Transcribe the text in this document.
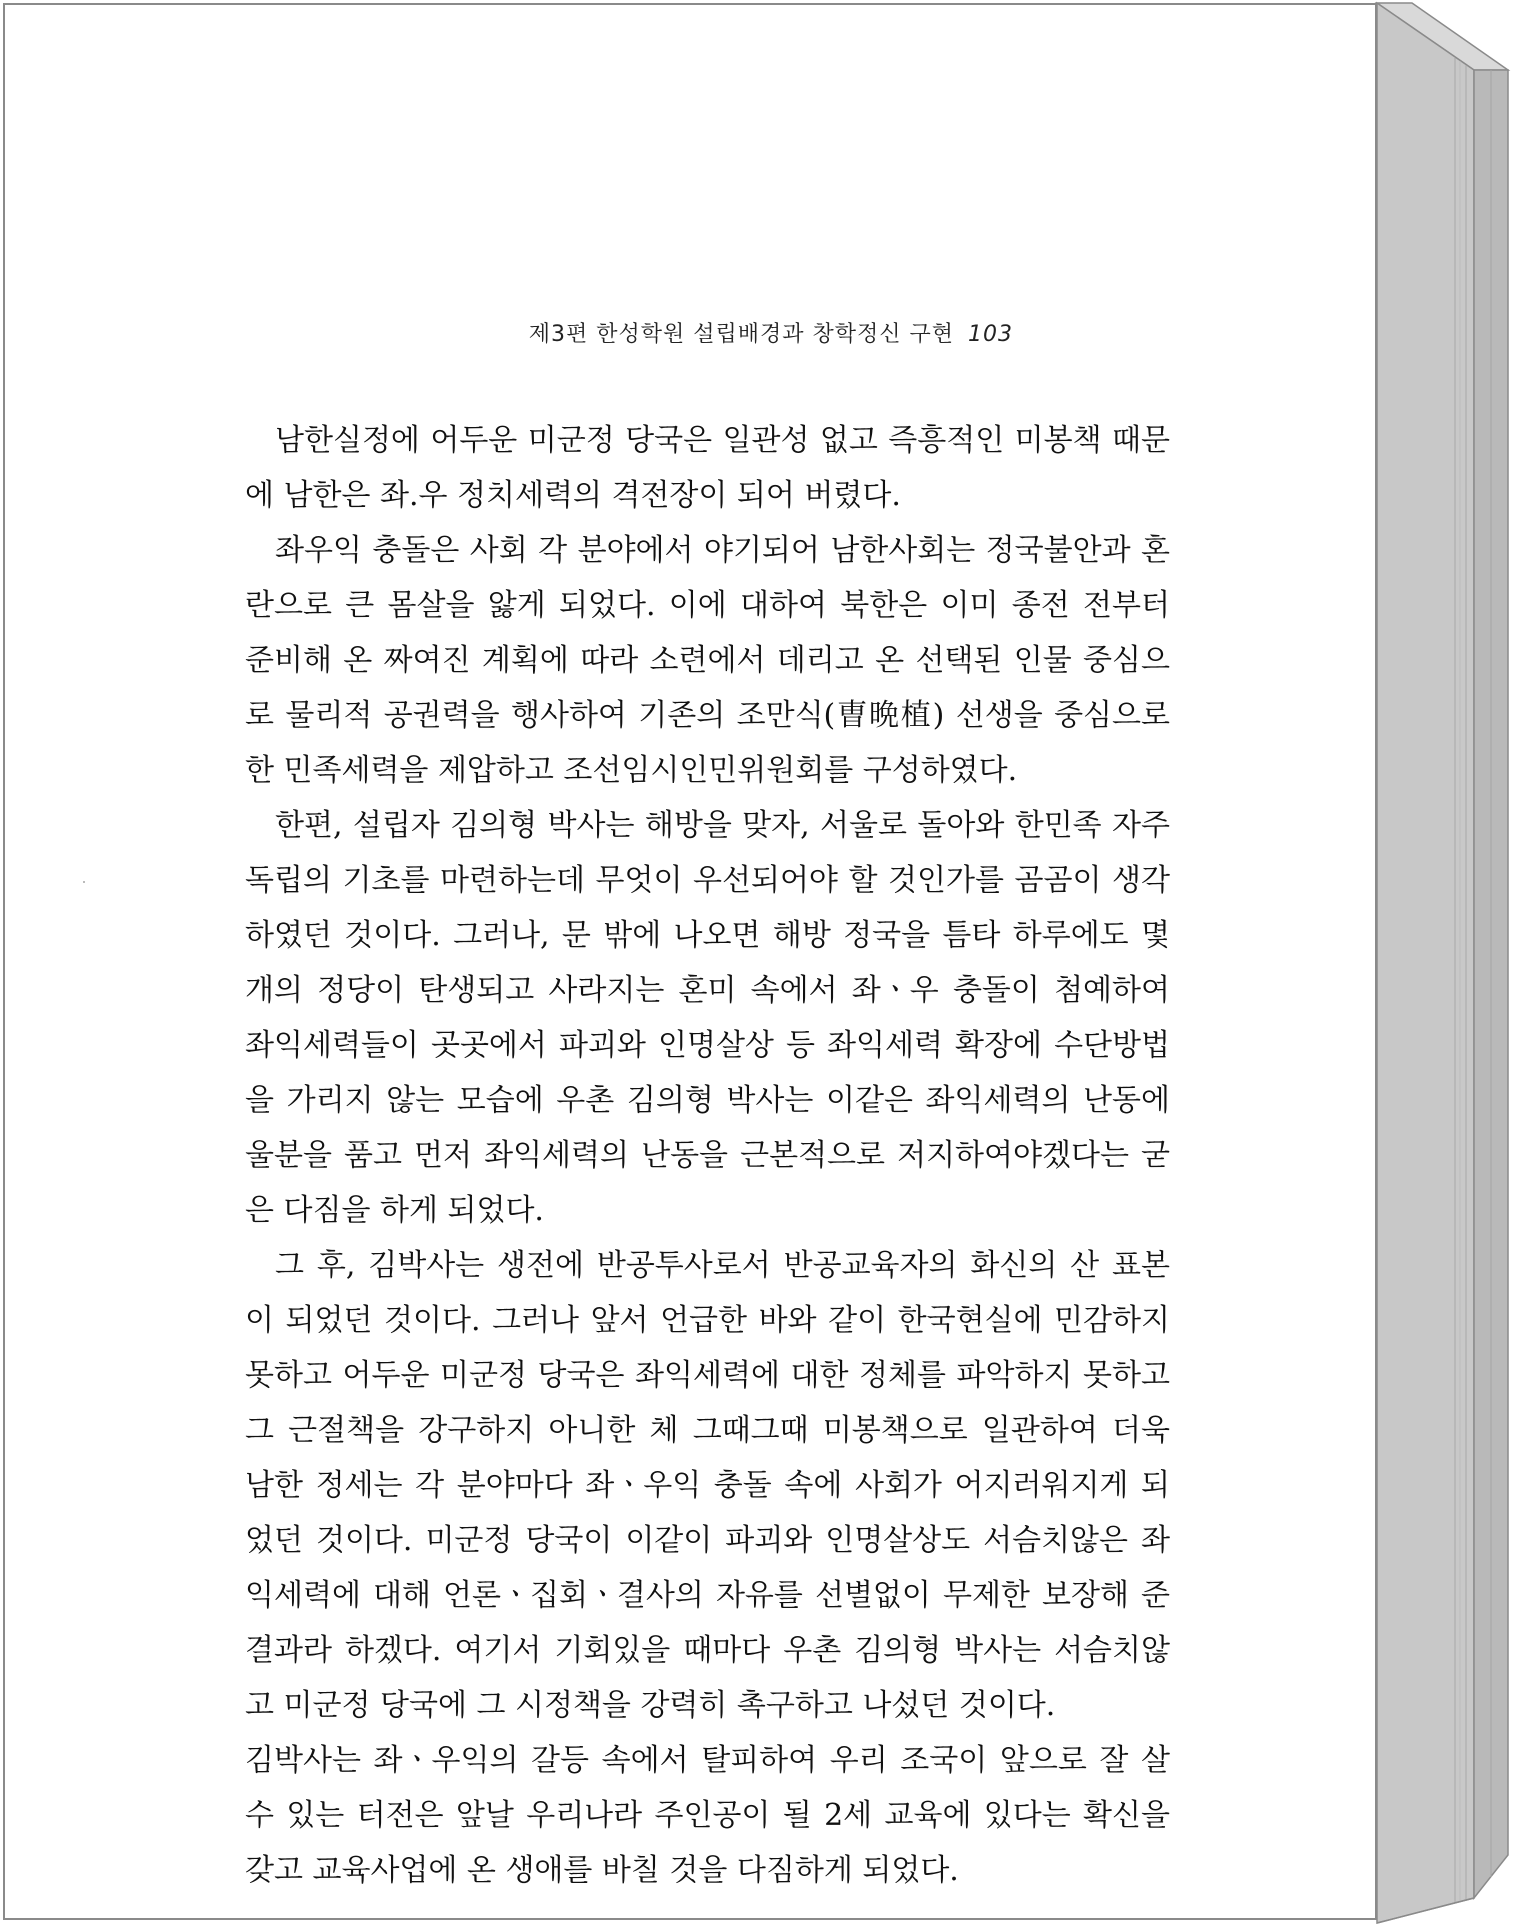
제3편 한성학원 설립배경과 창학정신 구현 103

남한실정에 어두운 미군정 당국은 일관성 없고 즉흥적인 미봉책 때문에 남한은 좌.우 정치세력의 격전장이 되어 버렸다.

좌우익 충돌은 사회 각 분야에서 야기되어 남한사회는 정국불안과 혼란으로 큰 몸살을 앓게 되었다. 이에 대하여 북한은 이미 종전 전부터 준비해 온 짜여진 계획에 따라 소련에서 데리고 온 선택된 인물 중심으로 물리적 공권력을 행사하여 기존의 조만식(曺晩植) 선생을 중심으로 한 민족세력을 제압하고 조선임시인민위원회를 구성하였다.

한편, 설립자 김의형 박사는 해방을 맞자, 서울로 돌아와 한민족 자주독립의 기초를 마련하는데 무엇이 우선되어야 할 것인가를 곰곰이 생각하였던 것이다. 그러나, 문 밖에 나오면 해방 정국을 틈타 하루에도 몇 개의 정당이 탄생되고 사라지는 혼미 속에서 좌ㆍ우 충돌이 첨예하여 좌익세력들이 곳곳에서 파괴와 인명살상 등 좌익세력 확장에 수단방법을 가리지 않는 모습에 우촌 김의형 박사는 이같은 좌익세력의 난동에 울분을 품고 먼저 좌익세력의 난동을 근본적으로 저지하여야겠다는 굳은 다짐을 하게 되었다.

그 후, 김박사는 생전에 반공투사로서 반공교육자의 화신의 산 표본이 되었던 것이다. 그러나 앞서 언급한 바와 같이 한국현실에 민감하지 못하고 어두운 미군정 당국은 좌익세력에 대한 정체를 파악하지 못하고 그 근절책을 강구하지 아니한 체 그때그때 미봉책으로 일관하여 더욱 남한 정세는 각 분야마다 좌ㆍ우익 충돌 속에 사회가 어지러워지게 되었던 것이다. 미군정 당국이 이같이 파괴와 인명살상도 서슴치않은 좌익세력에 대해 언론ㆍ집회ㆍ결사의 자유를 선별없이 무제한 보장해 준 결과라 하겠다. 여기서 기회있을 때마다 우촌 김의형 박사는 서슴치않고 미군정 당국에 그 시정책을 강력히 촉구하고 나섰던 것이다.

김박사는 좌ㆍ우익의 갈등 속에서 탈피하여 우리 조국이 앞으로 잘 살 수 있는 터전은 앞날 우리나라 주인공이 될 2세 교육에 있다는 확신을 갖고 교육사업에 온 생애를 바칠 것을 다짐하게 되었다.
